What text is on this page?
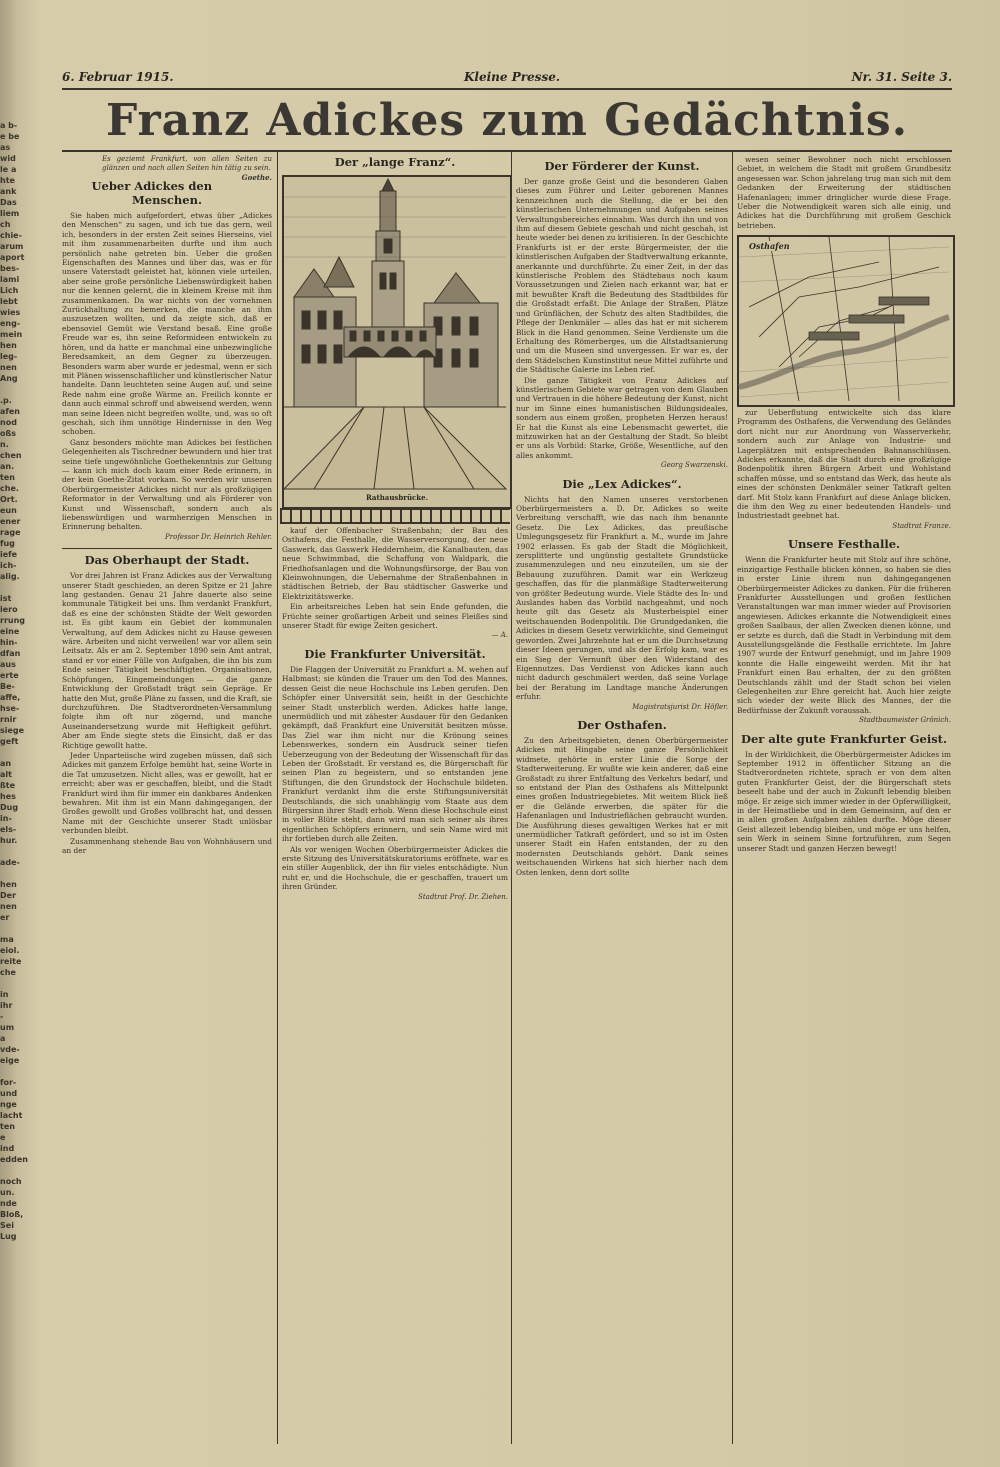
a b-
e be
as
wid
le a
hte
ank
Das
liem
ch
chie-
arum
aport
bes-
lami
Lich
lebt
wies
eng-
mein
hen
leg-
nen
Ang

.p.
afen
nod
oßs
n.
chen
an.
ten
che.
Ort.
eun
ener
rage
fug
iefe
ich-
alig.

ist
iero
rrung
eine
hin-
dfan
aus
erte
Be-
affe,
hse-
rnir
siege
geft

an
alt
ßte
hes
Dug
in-
els-
hur.

ade-

hen
Der
nen
er

ma
eiol.
reite
che

in
ihr
-
um
a
vde-
eige

for-
und
nge
lacht
ten
e
ind
edden

noch
un.
nde
Bloß,
Sei
Lug
6. Februar 1915.	Kleine Presse.	Nr. 31. Seite 3.
Franz Adickes zum Gedächtnis.
Es geziemt Frankfurt, von allen Seiten zu glänzen und nach allen Seiten hin tätig zu sein.
Goethe.
Ueber Adickes den Menschen.

Sie haben mich aufgefordert, etwas über „Adickes den Menschen“ zu sagen, und ich tue das gern, weil ich, besonders in der ersten Zeit seines Hierseins, viel mit ihm zusammenarbeiten durfte und ihm auch persönlich nahe getreten bin. Ueber die großen Eigenschaften des Mannes und über das, was er für unsere Vaterstadt geleistet hat, können viele urteilen, aber seine große persönliche Liebenswürdigkeit haben nur die kennen gelernt, die in kleinem Kreise mit ihm zusammenkamen. Da war nichts von der vornehmen Zurückhaltung zu bemerken, die manche an ihm auszusetzen wollten, und da zeigte sich, daß er ebensoviel Gemüt wie Verstand besaß. Eine große Freude war es, ihn seine Reformideen entwickeln zu hören, und da hatte er manchmal eine unbezwingliche Beredsamkeit, an dem Gegner zu überzeugen. Besonders warm aber wurde er jedesmal, wenn er sich mit Plänen wissenschaftlicher und künstlerischer Natur handelte. Dann leuchteten seine Augen auf, und seine Rede nahm eine große Wärme an. Freilich konnte er dann auch einmal schroff und abweisend werden, wenn man seine Ideen nicht begreifen wollte, und, was so oft geschah, sich ihm unnötige Hindernisse in den Weg schoben.

Ganz besonders möchte man Adickes bei festlichen Gelegenheiten als Tischredner bewundern und hier trat seine tiefe ungewöhnliche Goethekenntnis zur Geltung — kann ich mich doch kaum einer Rede erinnern, in der kein Goethe-Zitat vorkam. So werden wir unseren Oberbürgermeister Adickes nicht nur als großzügigen Reformator in der Verwaltung und als Förderer von Kunst und Wissenschaft, sondern auch als liebenswürdigen und warmherzigen Menschen in Erinnerung behalten.

Professor Dr. Heinrich Rehler.
Das Oberhaupt der Stadt.

Vor drei Jahren ist Franz Adickes aus der Verwaltung unserer Stadt geschieden, an deren Spitze er 21 Jahre lang gestanden. Genau 21 Jahre dauerte also seine kommunale Tätigkeit bei uns. Ihm verdankt Frankfurt, daß es eine der schönsten Städte der Welt geworden ist. Es gibt kaum ein Gebiet der kommunalen Verwaltung, auf dem Adickes nicht zu Hause gewesen wäre. Arbeiten und nicht verweilen! war vor allem sein Leitsatz. Als er am 2. September 1890 sein Amt antrat, stand er vor einer Fülle von Aufgaben, die ihn bis zum Ende seiner Tätigkeit beschäftigten. Organisationen, Schöpfungen, Eingemeindungen — die ganze Entwicklung der Großstadt trägt sein Gepräge. Er hatte den Mut, große Pläne zu fassen, und die Kraft, sie durchzuführen. Die Stadtverordneten-Versammlung folgte ihm oft nur zögernd, und manche Auseinandersetzung wurde mit Heftigkeit geführt. Aber am Ende siegte stets die Einsicht, daß er das Richtige gewollt hatte.

Jeder Unparteiische wird zugeben müssen, daß sich Adickes mit ganzem Erfolge bemüht hat, seine Worte in die Tat umzusetzen. Nicht alles, was er gewollt, hat er erreicht; aber was er geschaffen, bleibt, und die Stadt Frankfurt wird ihm für immer ein dankbares Andenken bewahren. Mit ihm ist ein Mann dahingegangen, der Großes gewollt und Großes vollbracht hat, und dessen Name mit der Geschichte unserer Stadt unlösbar verbunden bleibt.

Zusammenhang stehende Bau von Wohnhäusern und an der

Der „lange Franz“.
Rathausbrücke.

kauf der Offenbacher Straßenbahn; der Bau des Osthafens, die Festhalle, die Wasserversorgung, der neue Gaswerk, das Gaswerk Heddernheim, die Kanalbauten, das neue Schwimmbad, die Schaffung von Waldpark, die Friedhofsanlagen und die Wohnungsfürsorge, der Bau von Kleinwohnungen, die Uebernahme der Straßenbahnen in städtischen Betrieb, der Bau städtischer Gaswerke und Elektrizitätswerke.

Ein arbeitsreiches Leben hat sein Ende gefunden, die Früchte seiner großartigen Arbeit und seines Fleißes sind unserer Stadt für ewige Zeiten gesichert.

— A.
Die Frankfurter Universität.

Die Flaggen der Universität zu Frankfurt a. M. wehen auf Halbmast; sie künden die Trauer um den Tod des Mannes, dessen Geist die neue Hochschule ins Leben gerufen. Den Schöpfer einer Universität sein, heißt in der Geschichte seiner Stadt unsterblich werden. Adickes hatte lange, unermüdlich und mit zähester Ausdauer für den Gedanken gekämpft, daß Frankfurt eine Universität besitzen müsse. Das Ziel war ihm nicht nur die Krönung seines Lebenswerkes, sondern ein Ausdruck seiner tiefen Ueberzeugung von der Bedeutung der Wissenschaft für das Leben der Großstadt. Er verstand es, die Bürgerschaft für seinen Plan zu begeistern, und so entstanden jene Stiftungen, die den Grundstock der Hochschule bildeten. Frankfurt verdankt ihm die erste Stiftungsuniversität Deutschlands, die sich unabhängig vom Staate aus dem Bürgersinn ihrer Stadt erhob. Wenn diese Hochschule einst in voller Blüte steht, dann wird man sich seiner als ihres eigentlichen Schöpfers erinnern, und sein Name wird mit ihr fortleben durch alle Zeiten.

Als vor wenigen Wochen Oberbürgermeister Adickes die erste Sitzung des Universitätskuratoriums eröffnete, war es ein stiller Augenblick, der ihn für vieles entschädigte. Nun ruht er, und die Hochschule, die er geschaffen, trauert um ihren Gründer.

Stadtrat Prof. Dr. Ziehen.
Der Förderer der Kunst.

Der ganze große Geist und die besonderen Gaben dieses zum Führer und Leiter geborenen Mannes kennzeichnen auch die Stellung, die er bei den künstlerischen Unternehmungen und Aufgaben seines Verwaltungsbereiches einnahm. Was durch ihn und von ihm auf diesem Gebiete geschah und nicht geschah, ist heute wieder bei denen zu kritisieren. In der Geschichte Frankfurts ist er der erste Bürgermeister, der die künstlerischen Aufgaben der Stadtverwaltung erkannte, anerkannte und durchführte. Zu einer Zeit, in der das künstlerische Problem des Städtebaus noch kaum Voraussetzungen und Zielen nach erkannt war, hat er mit bewußter Kraft die Bedeutung des Stadtbildes für die Großstadt erfaßt. Die Anlage der Straßen, Plätze und Grünflächen, der Schutz des alten Stadtbildes, die Pflege der Denkmäler — alles das hat er mit sicherem Blick in die Hand genommen. Seine Verdienste um die Erhaltung des Römerberges, um die Altstadtsanierung und um die Museen sind unvergessen. Er war es, der dem Städelschen Kunstinstitut neue Mittel zuführte und die Städtische Galerie ins Leben rief.

Die ganze Tätigkeit von Franz Adickes auf künstlerischem Gebiete war getragen von dem Glauben und Vertrauen in die höhere Bedeutung der Kunst, nicht nur im Sinne eines humanistischen Bildungsideales, sondern aus einem großen, propheten Herzen heraus! Er hat die Kunst als eine Lebensmacht gewertet, die mitzuwirken hat an der Gestaltung der Stadt. So bleibt er uns als Vorbild: Starke, Größe, Wesentliche, auf den alles ankommt.

Georg Swarzenski.
Die „Lex Adickes“.

Nichts hat den Namen unseres verstorbenen Oberbürgermeisters a. D. Dr. Adickes so weite Verbreitung verschafft, wie das nach ihm benannte Gesetz. Die Lex Adickes, das preußische Umlegungsgesetz für Frankfurt a. M., wurde im Jahre 1902 erlassen. Es gab der Stadt die Möglichkeit, zersplitterte und ungünstig gestaltete Grundstücke zusammenzulegen und neu einzuteilen, um sie der Bebauung zuzuführen. Damit war ein Werkzeug geschaffen, das für die planmäßige Stadterweiterung von größter Bedeutung wurde. Viele Städte des In- und Auslandes haben das Vorbild nachgeahmt, und noch heute gilt das Gesetz als Musterbeispiel einer weitschauenden Bodenpolitik. Die Grundgedanken, die Adickes in diesem Gesetz verwirklichte, sind Gemeingut geworden. Zwei Jahrzehnte hat er um die Durchsetzung dieser Ideen gerungen, und als der Erfolg kam, war es ein Sieg der Vernunft über den Widerstand des Eigennutzes. Das Verdienst von Adickes kann auch nicht dadurch geschmälert werden, daß seine Vorlage bei der Beratung im Landtage manche Änderungen erfuhr.

Magistratsjurist Dr. Höfler.
Der Osthafen.

Zu den Arbeitsgebieten, denen Oberbürgermeister Adickes mit Hingabe seine ganze Persönlichkeit widmete, gehörte in erster Linie die Sorge der Stadterweiterung. Er wußte wie kein anderer, daß eine Großstadt zu ihrer Entfaltung des Verkehrs bedarf, und so entstand der Plan des Osthafens als Mittelpunkt eines großen Industriegebietes. Mit weitem Blick ließ er die Gelände erwerben, die später für die Hafenanlagen und Industrieflächen gebraucht wurden. Die Ausführung dieses gewaltigen Werkes hat er mit unermüdlicher Tatkraft gefördert, und so ist im Osten unserer Stadt ein Hafen entstanden, der zu den modernsten Deutschlands gehört. Dank seines weitschauenden Wirkens hat sich hierher nach dem Osten lenken, denn dort sollte

wesen seiner Bewohner noch nicht erschlossen Gebiet, in welchem die Stadt mit großem Grundbesitz angesessen war. Schon jahrelang trug man sich mit dem Gedanken der Erweiterung der städtischen Hafenanlagen; immer dringlicher wurde diese Frage. Ueber die Notwendigkeit waren sich alle einig, und Adickes hat die Durchführung mit großem Geschick betrieben.

Osthafen

zur Ueberflutung entwickelte sich das klare Programm des Osthafens, die Verwendung des Geländes dort nicht nur zur Anordnung von Wasserverkehr, sondern auch zur Anlage von Industrie- und Lagerplätzen mit entsprechenden Bahnanschlüssen. Adickes erkannte, daß die Stadt durch eine großzügige Bodenpolitik ihren Bürgern Arbeit und Wohlstand schaffen müsse, und so entstand das Werk, das heute als eines der schönsten Denkmäler seiner Tatkraft gelten darf. Mit Stolz kann Frankfurt auf diese Anlage blicken, die ihm den Weg zu einer bedeutenden Handels- und Industriestadt geebnet hat.

Stadtrat Franze.
Unsere Festhalle.

Wenn die Frankfurter heute mit Stolz auf ihre schöne, einzigartige Festhalle blicken können, so haben sie dies in erster Linie ihrem nun dahingegangenen Oberbürgermeister Adickes zu danken. Für die früheren Frankfurter Ausstellungen und großen festlichen Veranstaltungen war man immer wieder auf Provisorien angewiesen. Adickes erkannte die Notwendigkeit eines großen Saalbaus, der allen Zwecken dienen könne, und er setzte es durch, daß die Stadt in Verbindung mit dem Ausstellungsgelände die Festhalle errichtete. Im Jahre 1907 wurde der Entwurf genehmigt, und im Jahre 1909 konnte die Halle eingeweiht werden. Mit ihr hat Frankfurt einen Bau erhalten, der zu den größten Deutschlands zählt und der Stadt schon bei vielen Gelegenheiten zur Ehre gereicht hat. Auch hier zeigte sich wieder der weite Blick des Mannes, der die Bedürfnisse der Zukunft voraussah.

Stadtbaumeister Grönich.
Der alte gute Frankfurter Geist.

In der Wirklichkeit, die Oberbürgermeister Adickes im September 1912 in öffentlicher Sitzung an die Stadtverordneten richtete, sprach er von dem alten guten Frankfurter Geist, der die Bürgerschaft stets beseelt habe und der auch in Zukunft lebendig bleiben möge. Er zeige sich immer wieder in der Opferwilligkeit, in der Heimatliebe und in dem Gemeinsinn, auf den er in allen großen Aufgaben zählen durfte. Möge dieser Geist allezeit lebendig bleiben, und möge er uns helfen, sein Werk in seinem Sinne fortzuführen, zum Segen unserer Stadt und ganzen Herzen bewegt!
